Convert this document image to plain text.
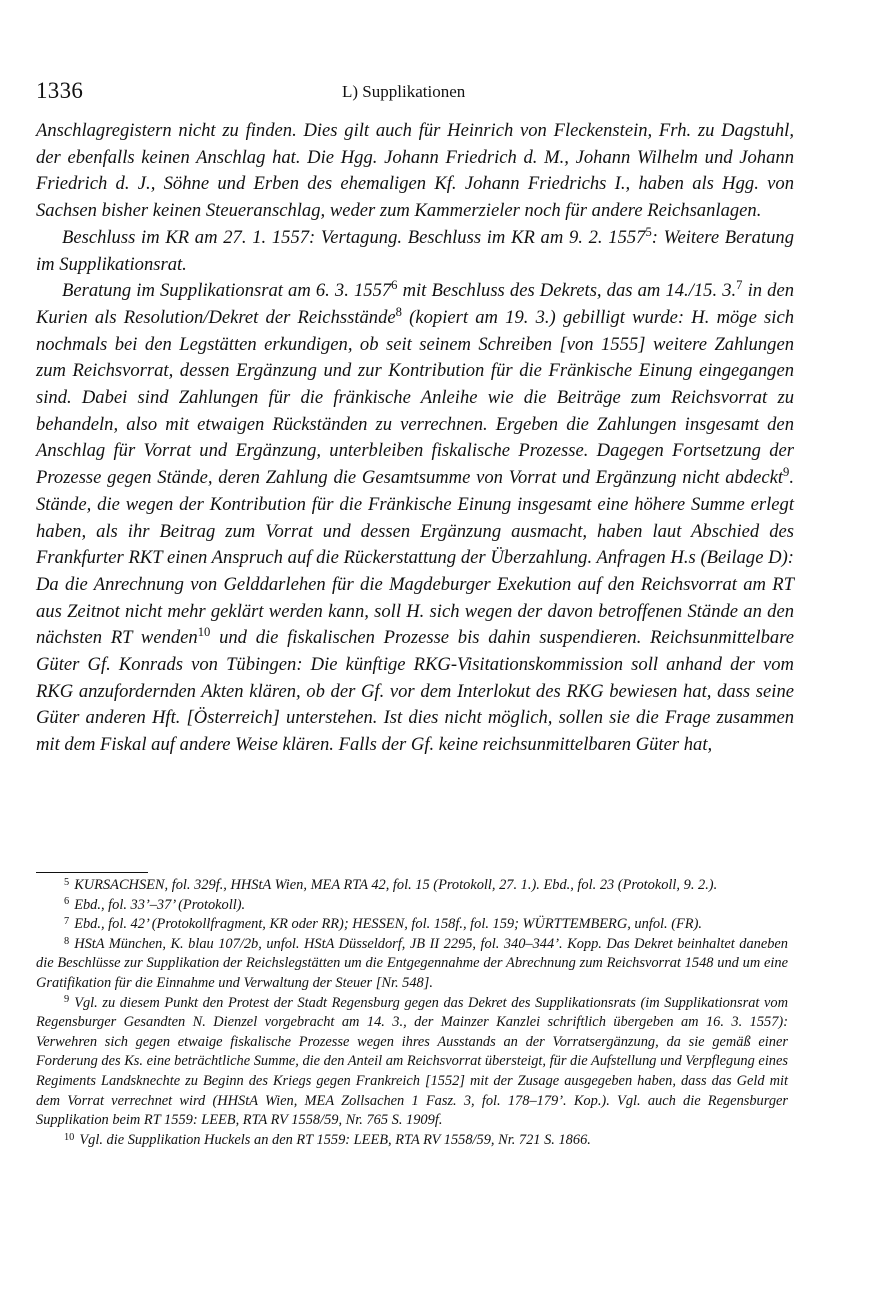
1336	L) Supplikationen

Anschlagregistern nicht zu finden. Dies gilt auch für Heinrich von Fleckenstein, Frh. zu Dagstuhl, der ebenfalls keinen Anschlag hat. Die Hgg. Johann Friedrich d. M., Johann Wilhelm und Johann Friedrich d. J., Söhne und Erben des ehemaligen Kf. Johann Friedrichs I., haben als Hgg. von Sachsen bisher keinen Steueranschlag, weder zum Kammerzieler noch für andere Reichsanlagen.

Beschluss im KR am 27. 1. 1557: Vertagung. Beschluss im KR am 9. 2. 1557$^5$: Weitere Beratung im Supplikationsrat.

Beratung im Supplikationsrat am 6. 3. 1557$^6$ mit Beschluss des Dekrets, das am 14./15. 3.$^7$ in den Kurien als Resolution/Dekret der Reichsstände$^8$ (kopiert am 19. 3.) gebilligt wurde: H. möge sich nochmals bei den Legstätten erkundigen, ob seit seinem Schreiben [von 1555] weitere Zahlungen zum Reichsvorrat, dessen Ergänzung und zur Kontribution für die Fränkische Einung eingegangen sind. Dabei sind Zahlungen für die fränkische Anleihe wie die Beiträge zum Reichsvorrat zu behandeln, also mit etwaigen Rückständen zu verrechnen. Ergeben die Zahlungen insgesamt den Anschlag für Vorrat und Ergänzung, unterbleiben fiskalische Prozesse. Dagegen Fortsetzung der Prozesse gegen Stände, deren Zahlung die Gesamtsumme von Vorrat und Ergänzung nicht abdeckt$^9$. Stände, die wegen der Kontribution für die Fränkische Einung insgesamt eine höhere Summe erlegt haben, als ihr Beitrag zum Vorrat und dessen Ergänzung ausmacht, haben laut Abschied des Frankfurter RKT einen Anspruch auf die Rückerstattung der Überzahlung. Anfragen H.s (Beilage D): Da die Anrechnung von Gelddarlehen für die Magdeburger Exekution auf den Reichsvorrat am RT aus Zeitnot nicht mehr geklärt werden kann, soll H. sich wegen der davon betroffenen Stände an den nächsten RT wenden$^{10}$ und die fiskalischen Prozesse bis dahin suspendieren. Reichsunmittelbare Güter Gf. Konrads von Tübingen: Die künftige RKG-Visitationskommission soll anhand der vom RKG anzufordernden Akten klären, ob der Gf. vor dem Interlokut des RKG bewiesen hat, dass seine Güter anderen Hft. [Österreich] unterstehen. Ist dies nicht möglich, sollen sie die Frage zusammen mit dem Fiskal auf andere Weise klären. Falls der Gf. keine reichsunmittelbaren Güter hat,

$^5$ KURSACHSEN, fol. 329f., HHStA Wien, MEA RTA 42, fol. 15 (Protokoll, 27. 1.). Ebd., fol. 23 (Protokoll, 9. 2.).

$^6$ Ebd., fol. 33’–37’ (Protokoll).

$^7$ Ebd., fol. 42’ (Protokollfragment, KR oder RR); HESSEN, fol. 158f., fol. 159; WÜRTTEMBERG, unfol. (FR).

$^8$ HStA München, K. blau 107/2b, unfol. HStA Düsseldorf, JB II 2295, fol. 340–344’. Kopp. Das Dekret beinhaltet daneben die Beschlüsse zur Supplikation der Reichslegstätten um die Entgegennahme der Abrechnung zum Reichsvorrat 1548 und um eine Gratifikation für die Einnahme und Verwaltung der Steuer [Nr. 548].

$^9$ Vgl. zu diesem Punkt den Protest der Stadt Regensburg gegen das Dekret des Supplikationsrats (im Supplikationsrat vom Regensburger Gesandten N. Dienzel vorgebracht am 14. 3., der Mainzer Kanzlei schriftlich übergeben am 16. 3. 1557): Verwehren sich gegen etwaige fiskalische Prozesse wegen ihres Ausstands an der Vorratsergänzung, da sie gemäß einer Forderung des Ks. eine beträchtliche Summe, die den Anteil am Reichsvorrat übersteigt, für die Aufstellung und Verpflegung eines Regiments Landsknechte zu Beginn des Kriegs gegen Frankreich [1552] mit der Zusage ausgegeben haben, dass das Geld mit dem Vorrat verrechnet wird (HHStA Wien, MEA Zollsachen 1 Fasz. 3, fol. 178–179’. Kop.). Vgl. auch die Regensburger Supplikation beim RT 1559: LEEB, RTA RV 1558/59, Nr. 765 S. 1909f.

$^{10}$ Vgl. die Supplikation Huckels an den RT 1559: LEEB, RTA RV 1558/59, Nr. 721 S. 1866.
